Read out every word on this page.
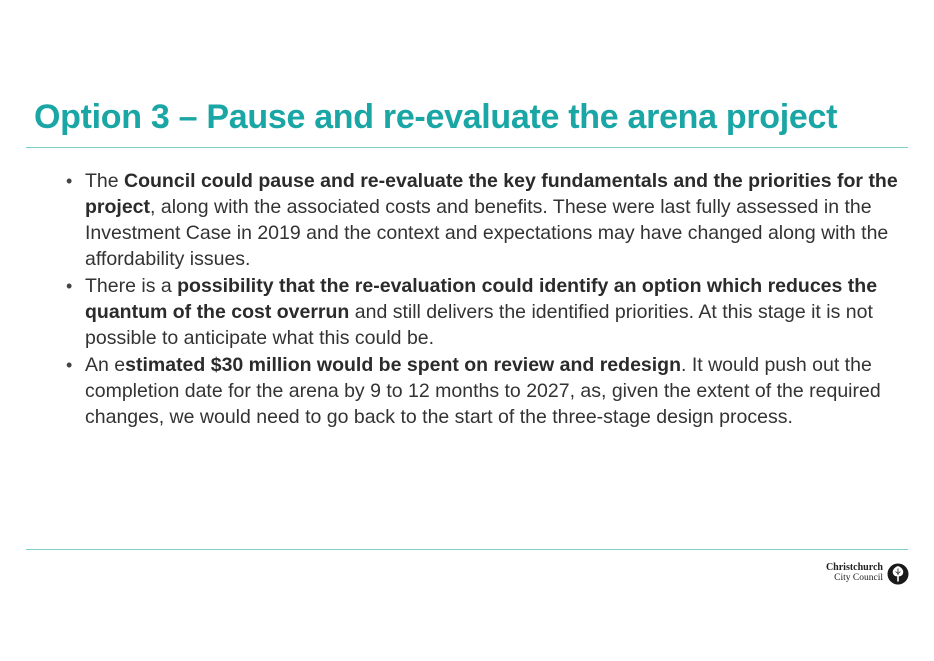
Option 3 – Pause and re-evaluate the arena project
• The Council could pause and re-evaluate the key fundamentals and the priorities for the project, along with the associated costs and benefits. These were last fully assessed in the Investment Case in 2019 and the context and expectations may have changed along with the affordability issues.
• There is a possibility that the re-evaluation could identify an option which reduces the quantum of the cost overrun and still delivers the identified priorities. At this stage it is not possible to anticipate what this could be.
• An estimated $30 million would be spent on review and redesign. It would push out the completion date for the arena by 9 to 12 months to 2027, as, given the extent of the required changes, we would need to go back to the start of the three-stage design process.
Christchurch
City Council
